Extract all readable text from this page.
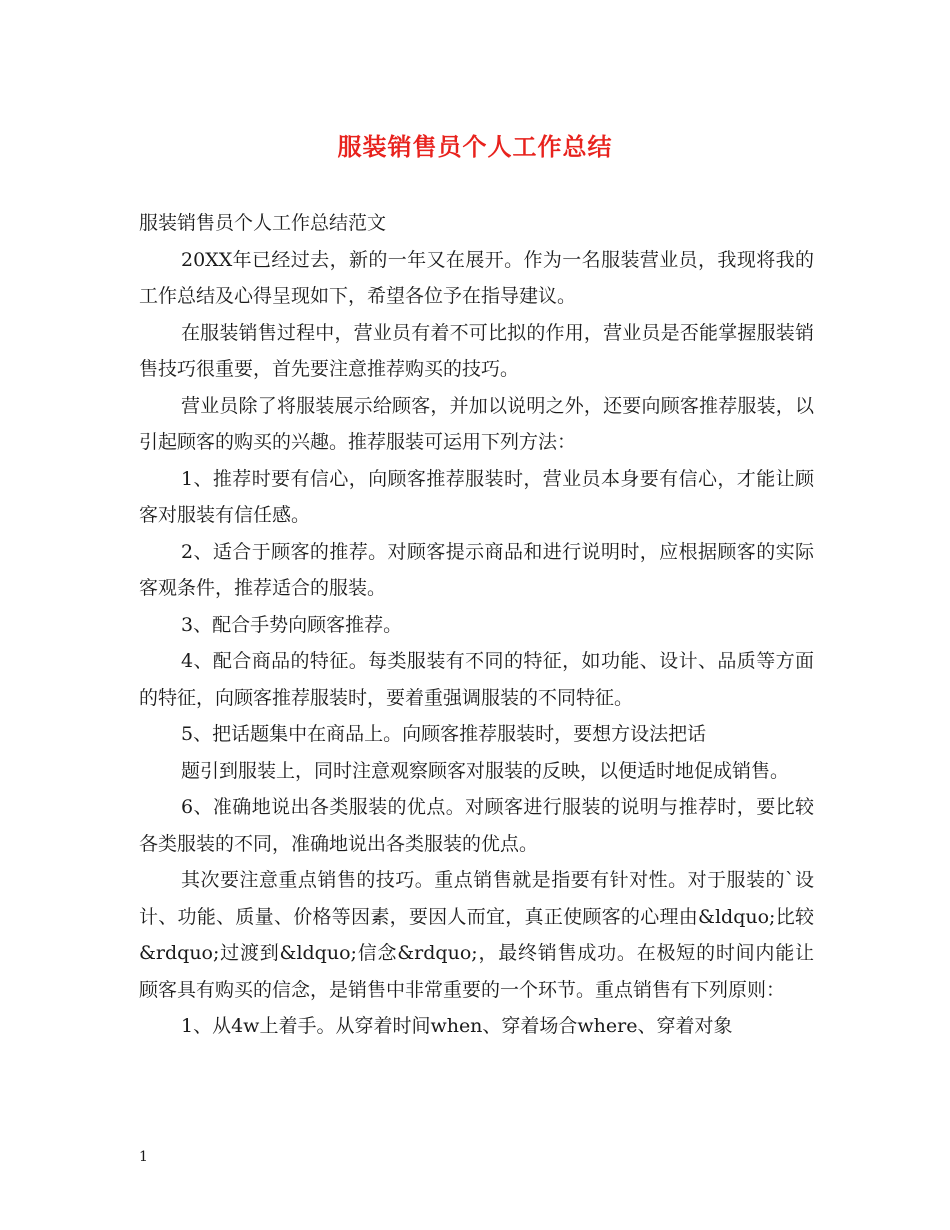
服装销售员个人工作总结

服装销售员个人工作总结范文

20XX年已经过去，新的一年又在展开。作为一名服装营业员，我现将我的工作总结及心得呈现如下，希望各位予在指导建议。

在服装销售过程中，营业员有着不可比拟的作用，营业员是否能掌握服装销售技巧很重要，首先要注意推荐购买的技巧。

营业员除了将服装展示给顾客，并加以说明之外，还要向顾客推荐服装，以引起顾客的购买的兴趣。推荐服装可运用下列方法：

1、推荐时要有信心，向顾客推荐服装时，营业员本身要有信心，才能让顾客对服装有信任感。

2、适合于顾客的推荐。对顾客提示商品和进行说明时，应根据顾客的实际客观条件，推荐适合的服装。

3、配合手势向顾客推荐。

4、配合商品的特征。每类服装有不同的特征，如功能、设计、品质等方面的特征，向顾客推荐服装时，要着重强调服装的不同特征。

5、把话题集中在商品上。向顾客推荐服装时，要想方设法把话

题引到服装上，同时注意观察顾客对服装的反映，以便适时地促成销售。

6、准确地说出各类服装的优点。对顾客进行服装的说明与推荐时，要比较各类服装的不同，准确地说出各类服装的优点。

其次要注意重点销售的技巧。重点销售就是指要有针对性。对于服装的`设计、功能、质量、价格等因素，要因人而宜，真正使顾客的心理由&ldquo;比较&rdquo;过渡到&ldquo;信念&rdquo;，最终销售成功。在极短的时间内能让顾客具有购买的信念，是销售中非常重要的一个环节。重点销售有下列原则：

1、从4w上着手。从穿着时间when、穿着场合where、穿着对象

1
